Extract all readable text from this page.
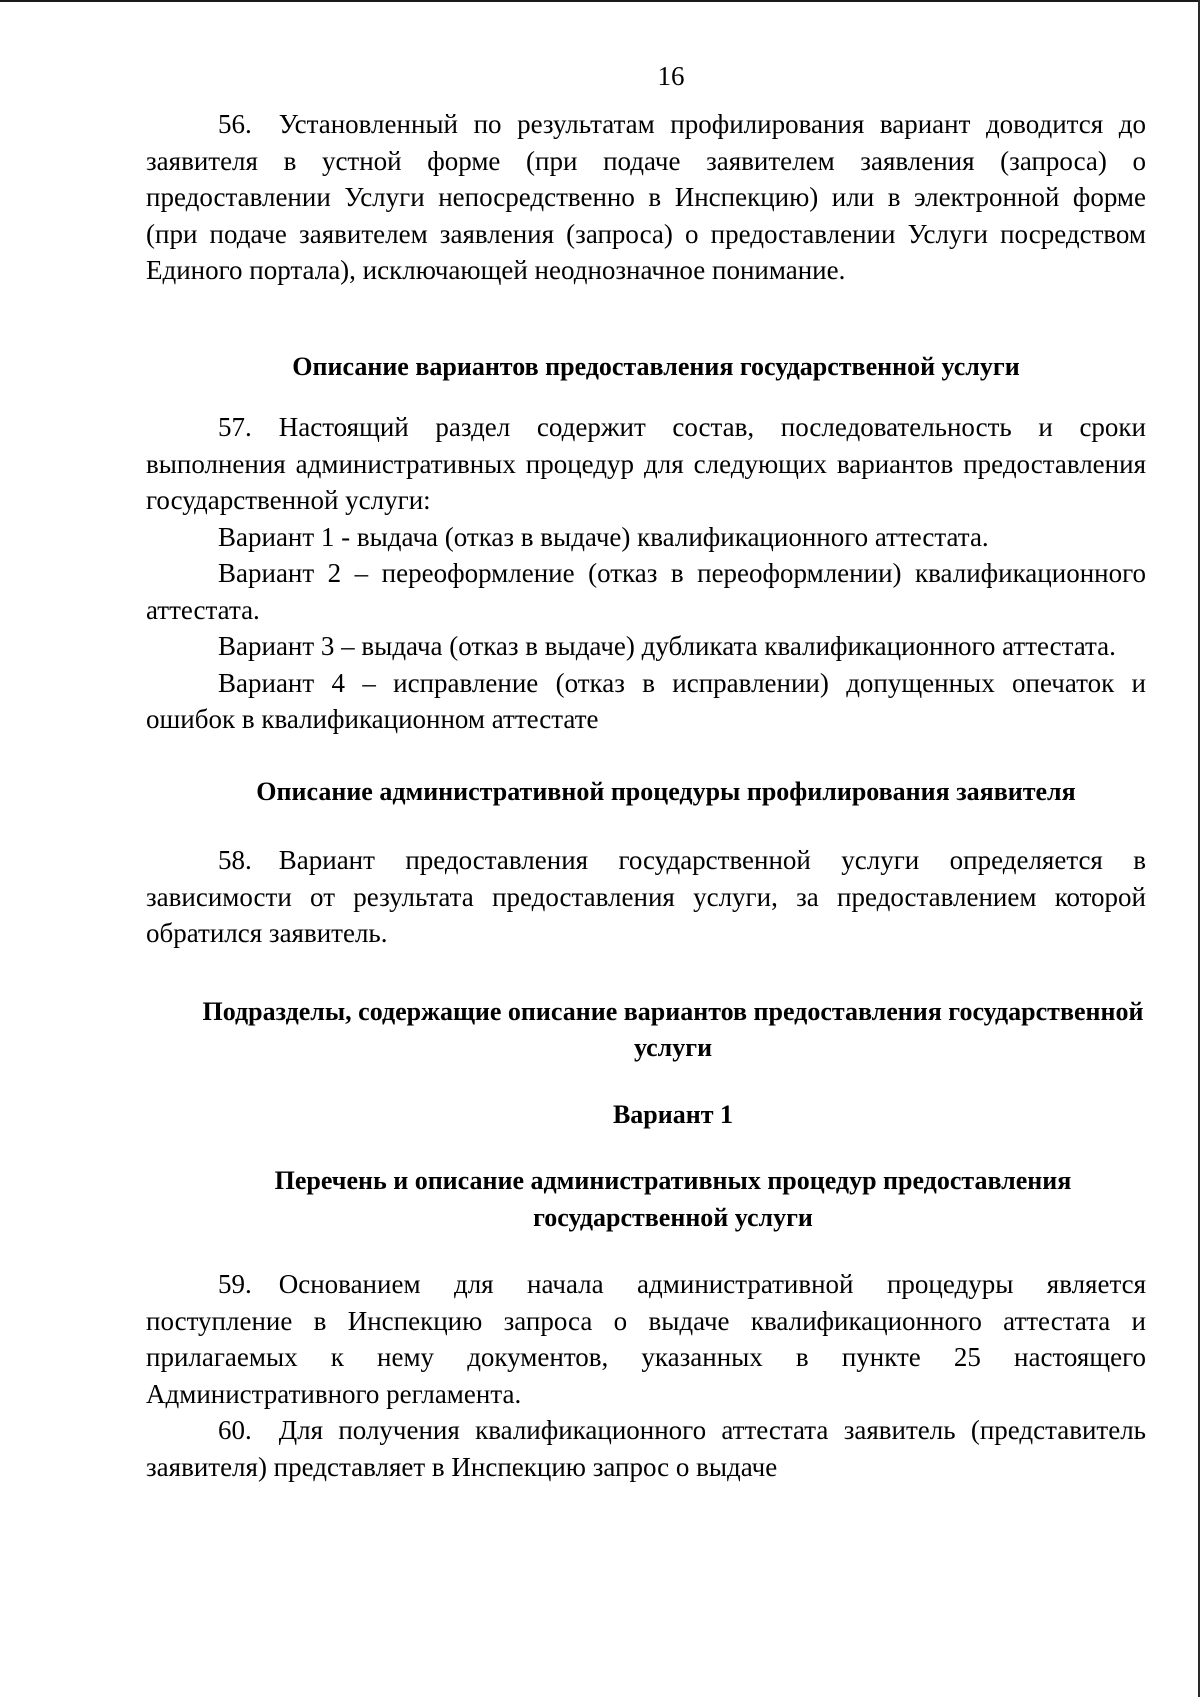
16

56. Установленный по результатам профилирования вариант доводится до заявителя в устной форме (при подаче заявителем заявления (запроса) о предоставлении Услуги непосредственно в Инспекцию) или в электронной форме (при подаче заявителем заявления (запроса) о предоставлении Услуги посредством Единого портала), исключающей неоднозначное понимание.

Описание вариантов предоставления государственной услуги

57. Настоящий раздел содержит состав, последовательность и сроки выполнения административных процедур для следующих вариантов предоставления государственной услуги:

Вариант 1 - выдача (отказ в выдаче) квалификационного аттестата.

Вариант 2 – переоформление (отказ в переоформлении) квалификационного аттестата.

Вариант 3 – выдача (отказ в выдаче) дубликата квалификационного аттестата.

Вариант 4 – исправление (отказ в исправлении) допущенных опечаток и ошибок в квалификационном аттестате

Описание административной процедуры профилирования заявителя

58. Вариант предоставления государственной услуги определяется в зависимости от результата предоставления услуги, за предоставлением которой обратился заявитель.

Подразделы, содержащие описание вариантов предоставления государственной услуги
Вариант 1
Перечень и описание административных процедур предоставления государственной услуги

59. Основанием для начала административной процедуры является поступление в Инспекцию запроса о выдаче квалификационного аттестата и прилагаемых к нему документов, указанных в пункте 25 настоящего Административного регламента.

60. Для получения квалификационного аттестата заявитель (представитель заявителя) представляет в Инспекцию запрос о выдаче
